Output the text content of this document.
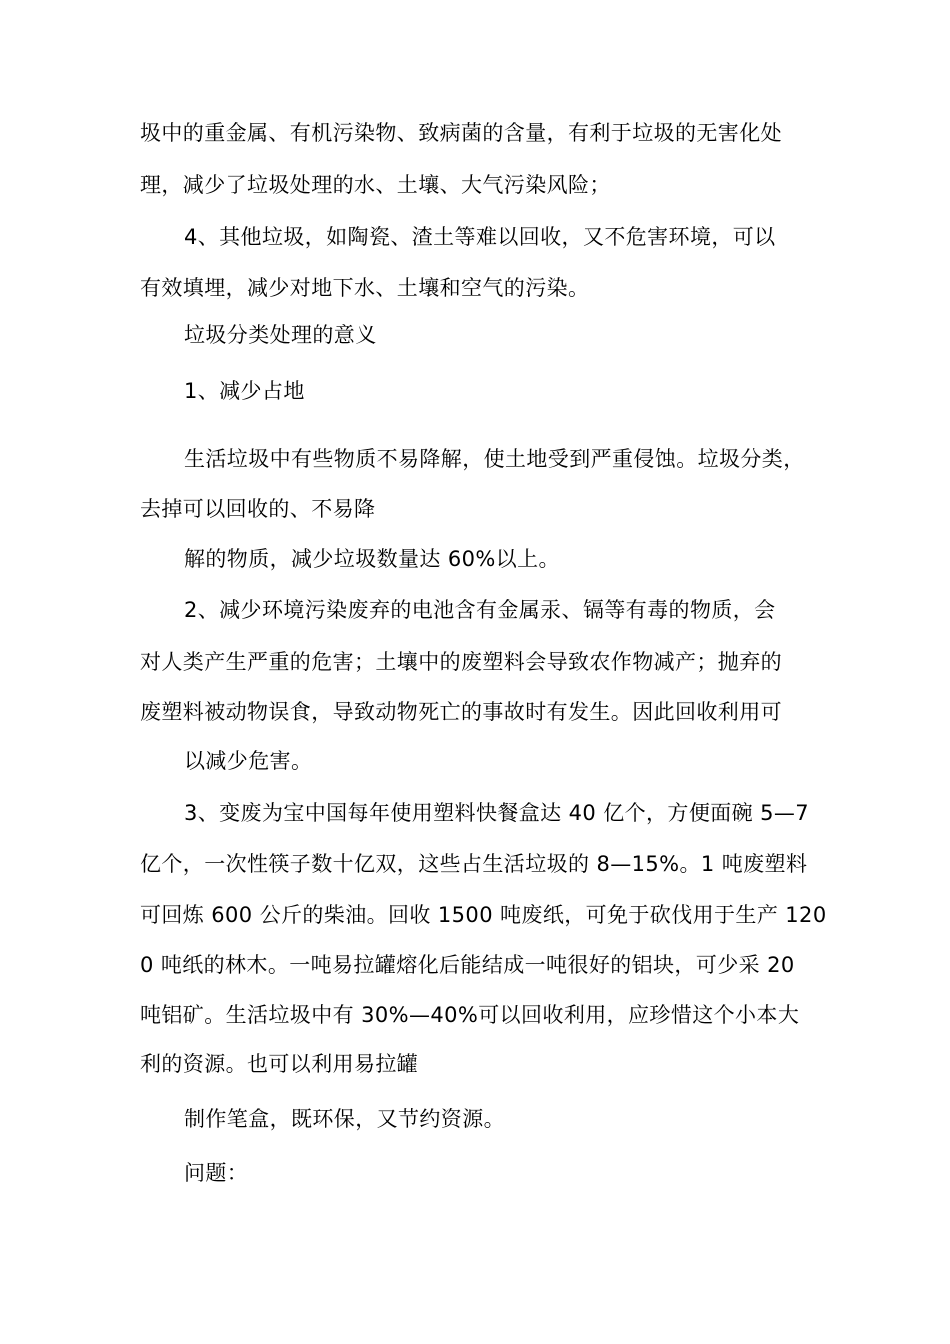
圾中的重金属、有机污染物、致病菌的含量，有利于垃圾的无害化处
理，减少了垃圾处理的水、土壤、大气污染风险；
4、其他垃圾，如陶瓷、渣土等难以回收，又不危害环境，可以
有效填埋，减少对地下水、土壤和空气的污染。
垃圾分类处理的意义
1、减少占地
生活垃圾中有些物质不易降解，使土地受到严重侵蚀。垃圾分类，
去掉可以回收的、不易降
解的物质，减少垃圾数量达 60%以上。
2、减少环境污染废弃的电池含有金属汞、镉等有毒的物质，会
对人类产生严重的危害；土壤中的废塑料会导致农作物减产；抛弃的
废塑料被动物误食，导致动物死亡的事故时有发生。因此回收利用可
以减少危害。
3、变废为宝中国每年使用塑料快餐盒达 40 亿个，方便面碗 5—7
亿个，一次性筷子数十亿双，这些占生活垃圾的 8—15%。1 吨废塑料
可回炼 600 公斤的柴油。回收 1500 吨废纸，可免于砍伐用于生产 120
0 吨纸的林木。一吨易拉罐熔化后能结成一吨很好的铝块，可少采 20
吨铝矿。生活垃圾中有 30%—40%可以回收利用，应珍惜这个小本大
利的资源。也可以利用易拉罐
制作笔盒，既环保，又节约资源。
问题：
